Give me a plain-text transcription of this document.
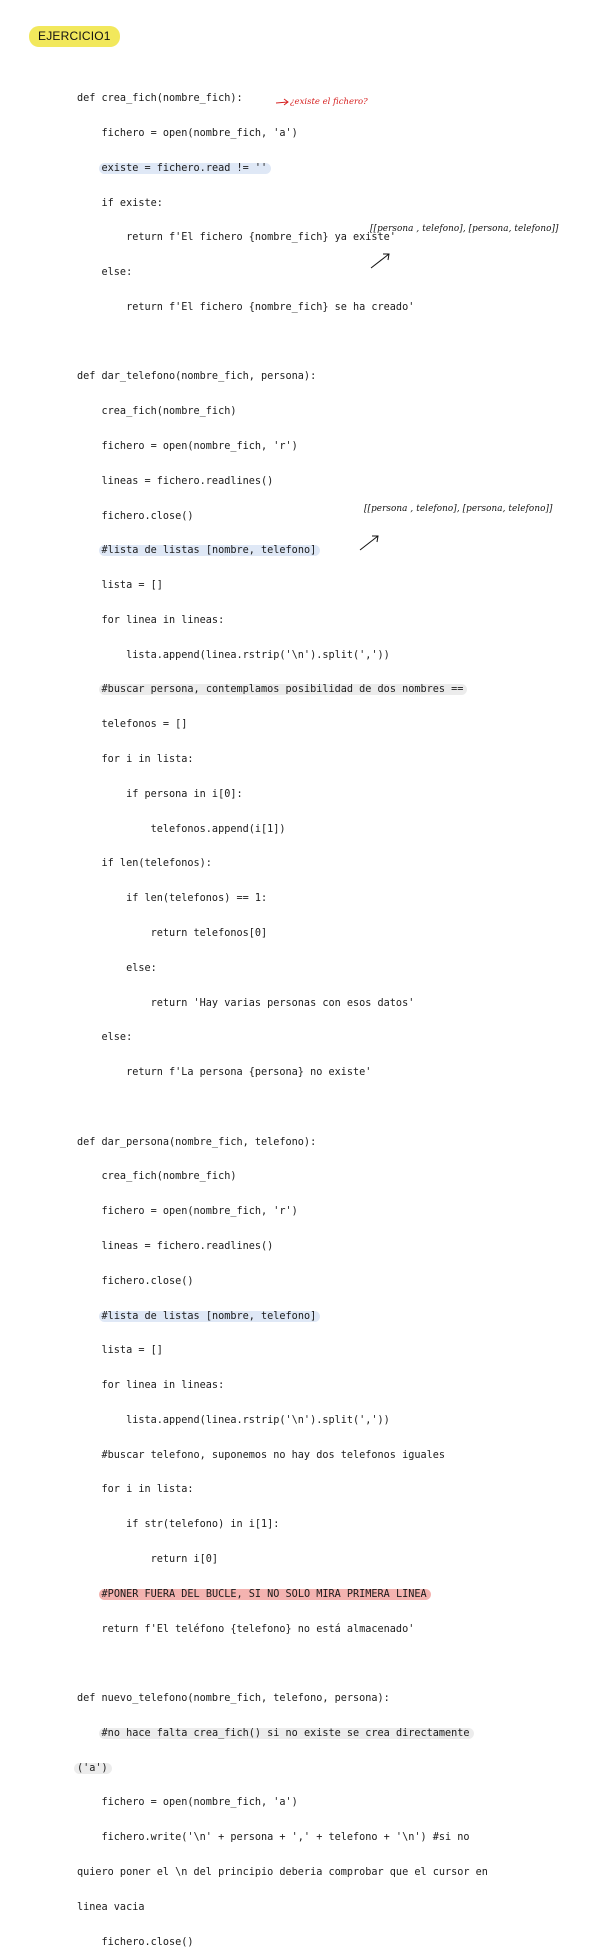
EJERCICIO1

def crea_fich(nombre_fich):

fichero = open(nombre_fich, 'a')

existe = fichero.read != ''

if existe:

return f'El fichero {nombre_fich} ya existe'

else:

return f'El fichero {nombre_fich} se ha creado'

def dar_telefono(nombre_fich, persona):

crea_fich(nombre_fich)

fichero = open(nombre_fich, 'r')

lineas = fichero.readlines()

fichero.close()

#lista de listas [nombre, telefono]

lista = []

for linea in lineas:

lista.append(linea.rstrip('\n').split(','))

#buscar persona, contemplamos posibilidad de dos nombres ==

telefonos = []

for i in lista:

if persona in i[0]:

telefonos.append(i[1])

if len(telefonos):

if len(telefonos) == 1:

return telefonos[0]

else:

return 'Hay varias personas con esos datos'

else:

return f'La persona {persona} no existe'

def dar_persona(nombre_fich, telefono):

crea_fich(nombre_fich)

fichero = open(nombre_fich, 'r')

lineas = fichero.readlines()

fichero.close()

#lista de listas [nombre, telefono]

lista = []

for linea in lineas:

lista.append(linea.rstrip('\n').split(','))

#buscar telefono, suponemos no hay dos telefonos iguales

for i in lista:

if str(telefono) in i[1]:

return i[0]

#PONER FUERA DEL BUCLE, SI NO SOLO MIRA PRIMERA LINEA

return f'El teléfono {telefono} no está almacenado'

def nuevo_telefono(nombre_fich, telefono, persona):

#no hace falta crea_fich() si no existe se crea directamente

('a')

fichero = open(nombre_fich, 'a')

fichero.write('\n' + persona + ',' + telefono + '\n') #si no

quiero poner el \n del principio deberia comprobar que el cursor en

linea vacia

fichero.close()

¿existe el fichero?
[[persona , telefono], [persona, telefono]]
[[persona , telefono], [persona, telefono]]
